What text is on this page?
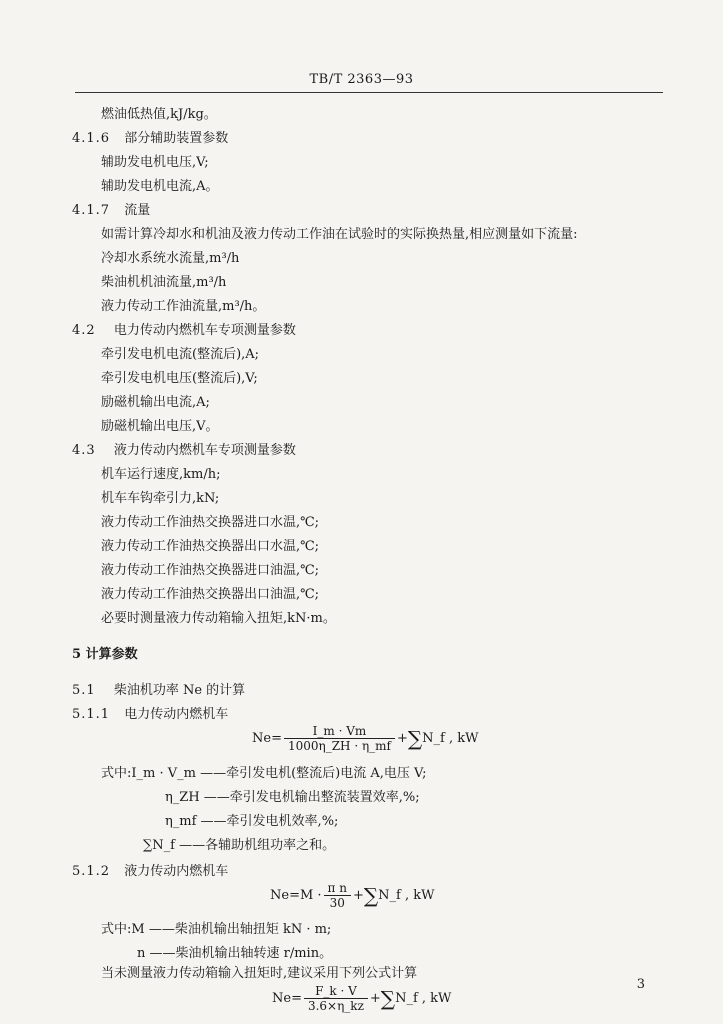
TB/T 2363—93
燃油低热值,kJ/kg。
4.1.6 部分辅助装置参数
辅助发电机电压,V;
辅助发电机电流,A。
4.1.7 流量
如需计算冷却水和机油及液力传动工作油在试验时的实际换热量,相应测量如下流量:
冷却水系统水流量,m³/h
柴油机机油流量,m³/h
液力传动工作油流量,m³/h。
4.2 电力传动内燃机车专项测量参数
牵引发电机电流(整流后),A;
牵引发电机电压(整流后),V;
励磁机输出电流,A;
励磁机输出电压,V。
4.3 液力传动内燃机车专项测量参数
机车运行速度,km/h;
机车车钩牵引力,kN;
液力传动工作油热交换器进口水温,℃;
液力传动工作油热交换器出口水温,℃;
液力传动工作油热交换器进口油温,℃;
液力传动工作油热交换器出口油温,℃;
必要时测量液力传动箱输入扭矩,kN·m。
5 计算参数
5.1 柴油机功率 Ne 的计算
5.1.1 电力传动内燃机车
$Ne= \frac{I\_m \cdot Vm}{1000\eta\_ZH \cdot \eta\_mf}$ +∑N_f , kW
式中:I_m · V_m ——牵引发电机(整流后)电流 A,电压 V;
η_ZH ——牵引发电机输出整流装置效率,%;
η_mf ——牵引发电机效率,%;
∑N_f ——各辅助机组功率之和。
5.1.2 液力传动内燃机车
$Ne=M \cdot \frac{\text{π n}}{30}$ +∑N_f , kW
式中:M ——柴油机输出轴扭矩 kN · m;
n ——柴油机输出轴转速 r/min。
当未测量液力传动箱输入扭矩时,建议采用下列公式计算
$Ne= \frac{F\_k \cdot V}{3.6\times\eta\_kz}$ +∑N_f , kW
3
